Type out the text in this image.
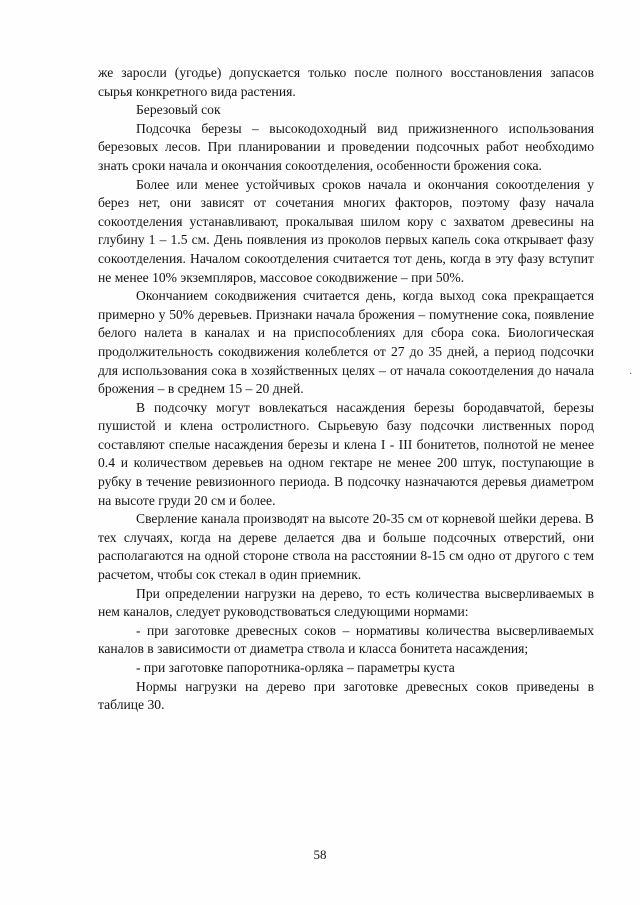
же заросли (угодье) допускается только после полного восстановления запасов сырья конкретного вида растения.

Березовый сок

Подсочка березы – высокодоходный вид прижизненного использования березовых лесов. При планировании и проведении подсочных работ необходимо знать сроки начала и окончания сокоотделения, особенности брожения сока.

Более или менее устойчивых сроков начала и окончания сокоотделения у берез нет, они зависят от сочетания многих факторов, поэтому фазу начала сокоотделения устанавливают, прокалывая шилом кору с захватом древесины на глубину 1 – 1.5 см. День появления из проколов первых капель сока открывает фазу сокоотделения. Началом сокоотделения считается тот день, когда в эту фазу вступит не менее 10% экземпляров, массовое сокодвижение – при 50%.

Окончанием сокодвижения считается день, когда выход сока прекращается примерно у 50% деревьев. Признаки начала брожения – помутнение сока, появление белого налета в каналах и на приспособлениях для сбора сока. Биологическая продолжительность сокодвижения колеблется от 27 до 35 дней, а период подсочки для использования сока в хозяйственных целях – от начала сокоотделения до начала брожения – в среднем 15 – 20 дней.

В подсочку могут вовлекаться насаждения березы бородавчатой, березы пушистой и клена остролистного. Сырьевую базу подсочки лиственных пород составляют спелые насаждения березы и клена I - III бонитетов, полнотой не менее 0.4 и количеством деревьев на одном гектаре не менее 200 штук, поступающие в рубку в течение ревизионного периода. В подсочку назначаются деревья диаметром на высоте груди 20 см и более.

Сверление канала производят на высоте 20-35 см от корневой шейки дерева. В тех случаях, когда на дереве делается два и больше подсочных отверстий, они располагаются на одной стороне ствола на расстоянии 8-15 см одно от другого с тем расчетом, чтобы сок стекал в один приемник.

При определении нагрузки на дерево, то есть количества высверливаемых в нем каналов, следует руководствоваться следующими нормами:

- при заготовке древесных соков – нормативы количества высверливаемых каналов в зависимости от диаметра ствола и класса бонитета насаждения;

- при заготовке папоротника-орляка – параметры куста

Нормы нагрузки на дерево при заготовке древесных соков приведены в таблице 30.

·
58
